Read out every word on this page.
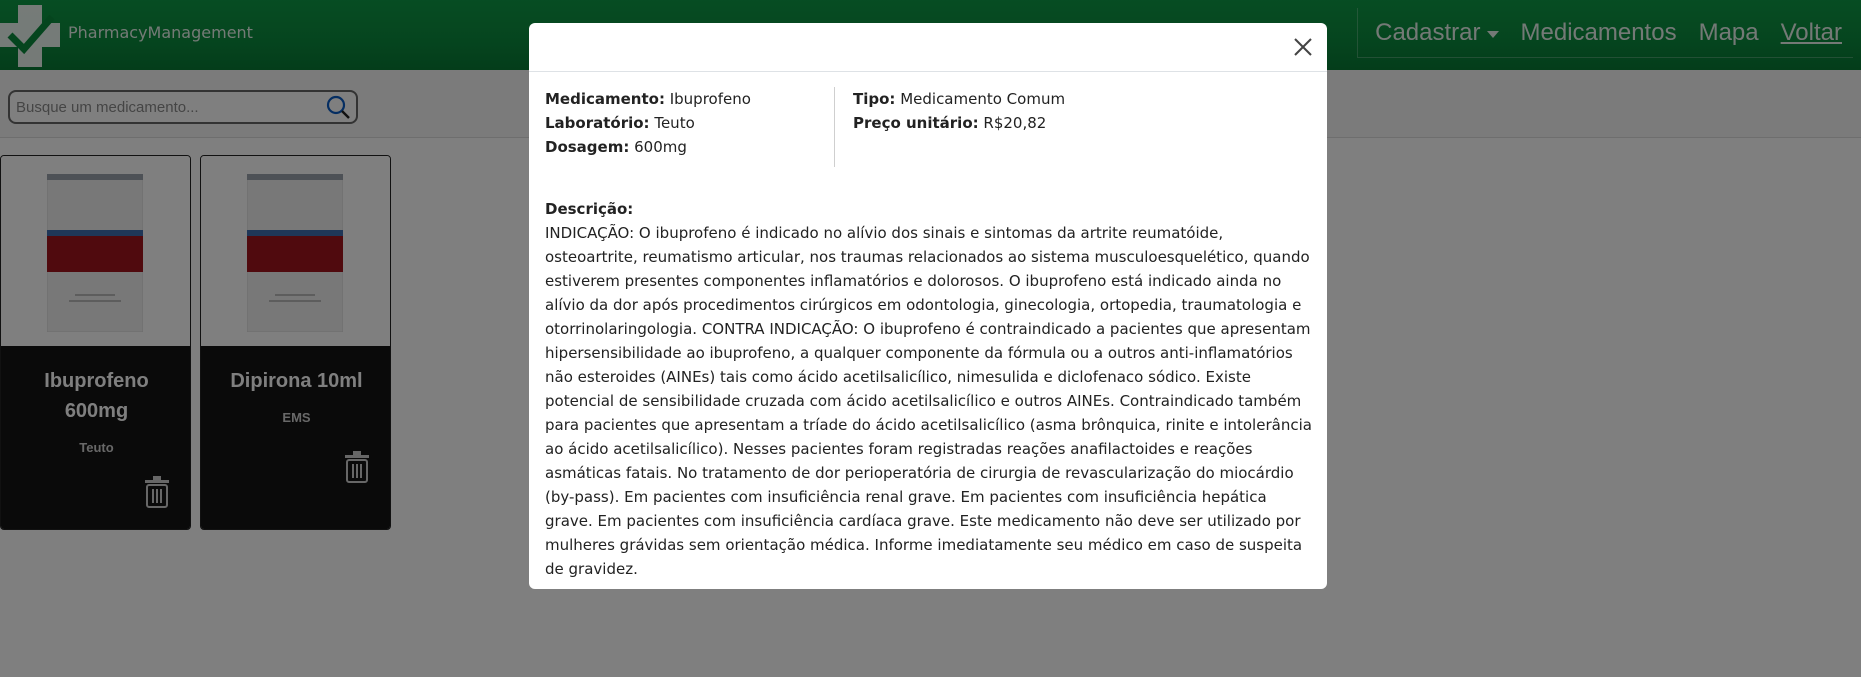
Busque um medicamento...
Medicamento: Ibuprofeno
Laboratório: Teuto
Dosagem: 600mg
Tipo: Medicamento Comum
Preço unitário: R$20,82
Descrição:
INDICAÇÃO: O ibuprofeno é indicado no alívio dos sinais e sintomas da artrite reumatóide, osteoartrite, reumatismo articular, nos traumas relacionados ao sistema musculoesquelético, quando estiverem presentes componentes inflamatórios e dolorosos. O ibuprofeno está indicado ainda no alívio da dor após procedimentos cirúrgicos em odontologia, ginecologia, ortopedia, traumatologia e otorrinolaringologia. CONTRA INDICAÇÃO: O ibuprofeno é contraindicado a pacientes que apresentam hipersensibilidade ao ibuprofeno, a qualquer componente da fórmula ou a outros anti-inflamatórios não esteroides (AINEs) tais como ácido acetilsalicílico, nimesulida e diclofenaco sódico. Existe potencial de sensibilidade cruzada com ácido acetilsalicílico e outros AINEs. Contraindicado também para pacientes que apresentam a tríade do ácido acetilsalicílico (asma brônquica, rinite e intolerância ao ácido acetilsalicílico). Nesses pacientes foram registradas reações anafilactoides e reações asmáticas fatais. No tratamento de dor perioperatória de cirurgia de revascularização do miocárdio (by-pass). Em pacientes com insuficiência renal grave. Em pacientes com insuficiência hepática grave. Em pacientes com insuficiência cardíaca grave. Este medicamento não deve ser utilizado por mulheres grávidas sem orientação médica. Informe imediatamente seu médico em caso de suspeita de gravidez.
